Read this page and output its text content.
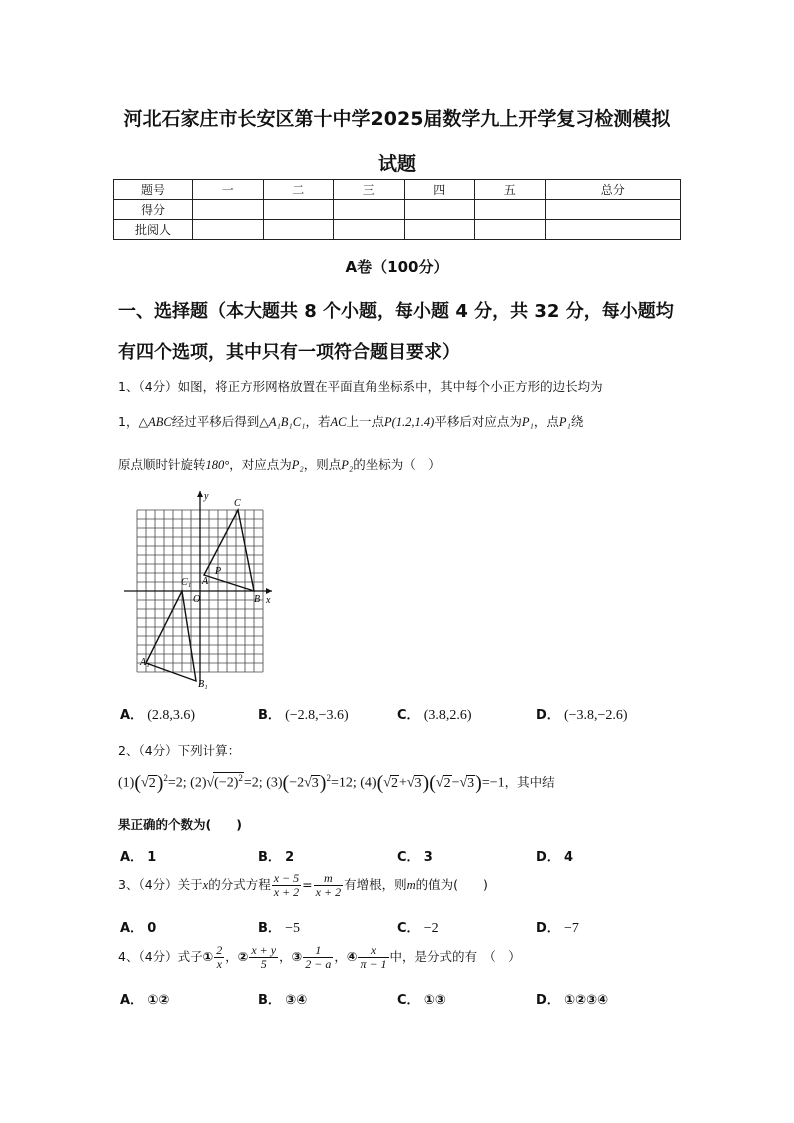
河北石家庄市长安区第十中学2025届数学九上开学复习检测模拟
试题
题号	一	二	三	四	五	总分
得分						
批阅人						
A卷（100分）
一、选择题（本大题共 8 个小题，每小题 4 分，共 32 分，每小题均
有四个选项，其中只有一项符合题目要求）
1、（4分）如图，将正方形网格放置在平面直角坐标系中，其中每个小正方形的边长均为
1，△ABC经过平移后得到△A₁B₁C₁，若AC上一点P(1.2,1.4)平移后对应点为P₁，点P₁绕
原点顺时针旋转180°，对应点为P₂，则点P₂的坐标为（　）
y
x
C
P
A
C₁
O	B
A₁
B₁
A． (2.8,3.6)	B． (−2.8,−3.6)	C． (3.8,2.6)	D． (−3.8,−2.6)
2、（4分）下列计算：
$(1)(√2)^2=2$; $(2)√(-2)^2=2$; $(3)(-2√3)^2=12$; (4)(√2+√3)(√2−√3)=−1，其中结
果正确的个数为(　　)
A． 1	B． 2	C． 3	D． 4
3、（4分）关于x的分式方程 $\frac{x - 5}{x + 2} = \frac{m}{x + 2}$ 有增根，则m的值为(　　)
A． 0	B． −5	C． −2	D． −7
4、（4分）式子① $\frac{2}{x}$ ，② $\frac{x + y}{5}$ ，③ $\frac{1}{2 - a}$ ，④ $\frac{x}{\pi - 1}$ 中，是分式的有　（　）
A． ①②	B． ③④	C． ①③	D． ①②③④
